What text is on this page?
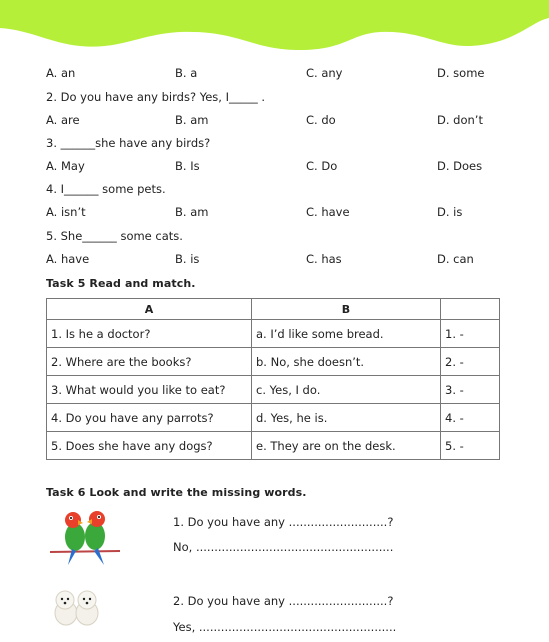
A. an	B. a	C. any	D. some
2. Do you have any birds? Yes, I_____ .
A. are	B. am	C. do	D. don’t
3. ______she have any birds?
A. May	B. Is	C. Do	D. Does
4. I______ some pets.
A. isn’t	B. am	C. have	D. is
5. She______ some cats.
A. have	B. is	C. has	D. can
Task 5 Read and match.
A	B	
1. Is he a doctor?	a. I’d like some bread.	1. -
2. Where are the books?	b. No, she doesn’t.	2. -
3. What would you like to eat?	c. Yes, I do.	3. -
4. Do you have any parrots?	d. Yes, he is.	4. -
5. Does she have any dogs?	e. They are on the desk.	5. -
Task 6 Look and write the missing words.
1. Do you have any ...........................?
No, ......................................................
2. Do you have any ...........................?
Yes, ......................................................
